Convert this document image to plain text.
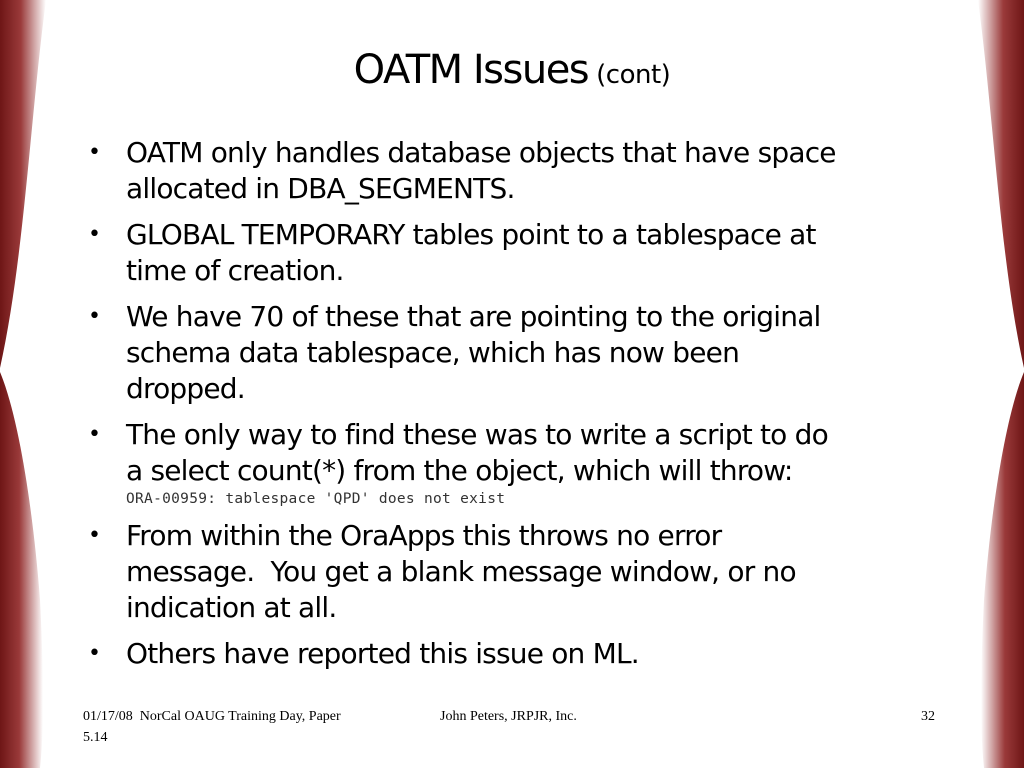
OATM Issues (cont)
• OATM only handles database objects that have space
allocated in DBA_SEGMENTS.
• GLOBAL TEMPORARY tables point to a tablespace at
time of creation.
• We have 70 of these that are pointing to the original
schema data tablespace, which has now been
dropped.
• The only way to find these was to write a script to do
a select count(*) from the object, which will throw:
ORA-00959: tablespace 'QPD' does not exist
• From within the OraApps this throws no error
message.  You get a blank message window, or no
indication at all.
• Others have reported this issue on ML.
01/17/08  NorCal OAUG Training Day, Paper 5.14
John Peters, JRPJR, Inc.	32
